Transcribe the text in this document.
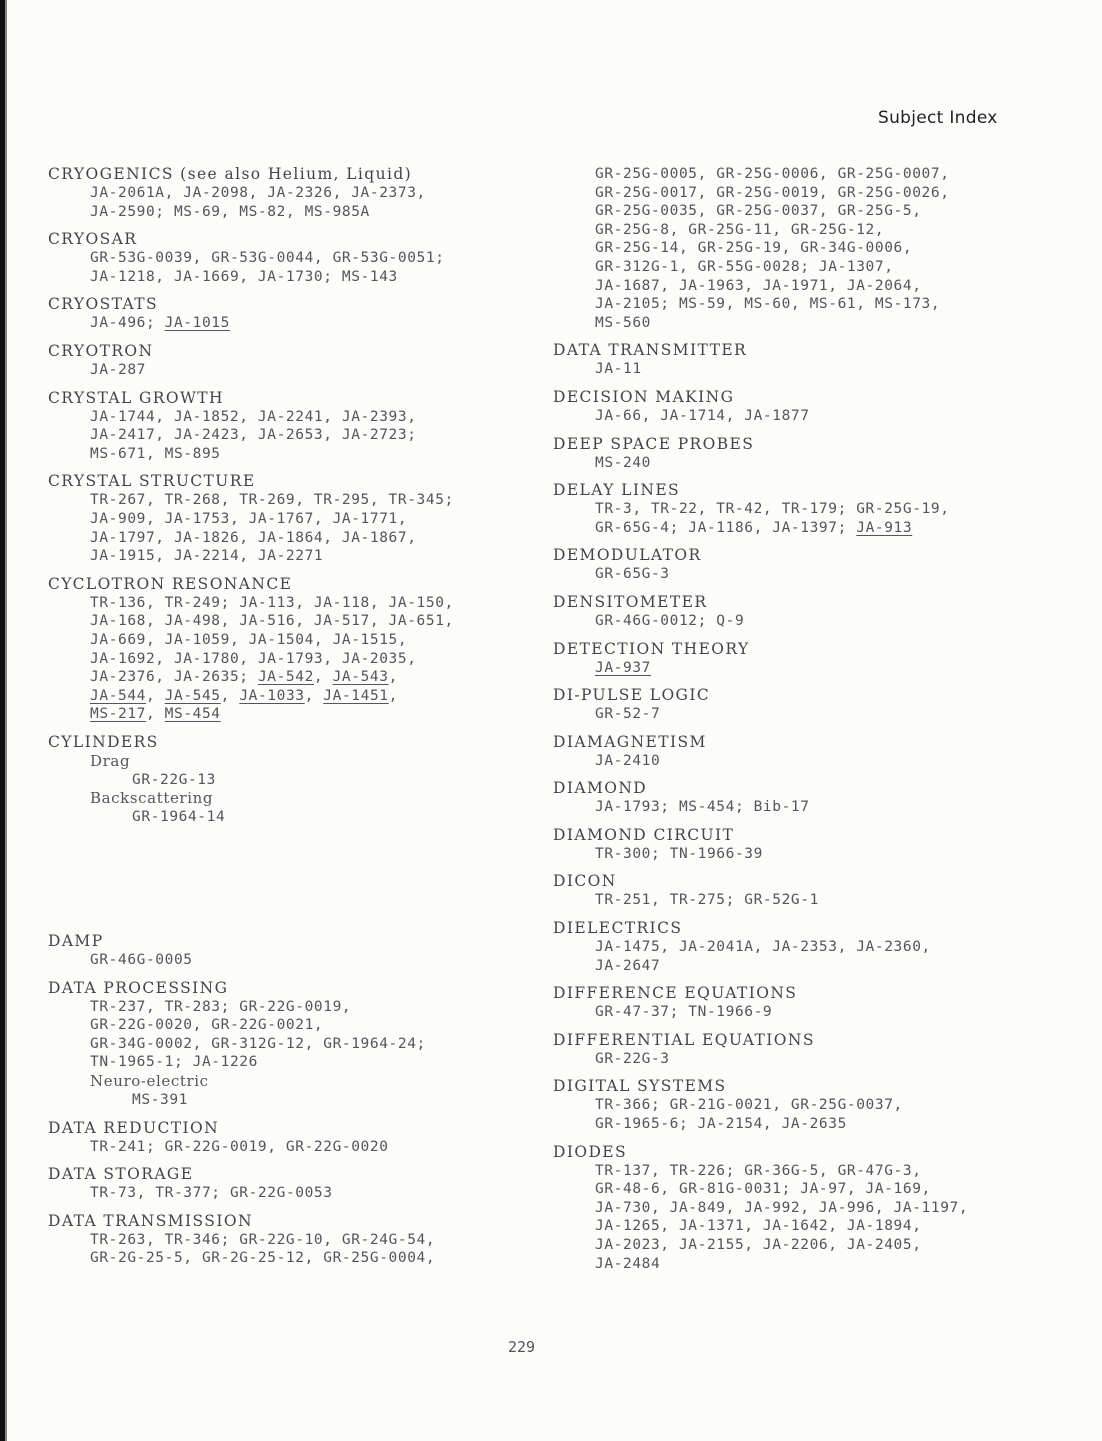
Subject Index
CRYOGENICS (see also Helium, Liquid)
JA-2061A, JA-2098, JA-2326, JA-2373,
JA-2590; MS-69, MS-82, MS-985A
CRYOSAR
GR-53G-0039, GR-53G-0044, GR-53G-0051;
JA-1218, JA-1669, JA-1730; MS-143
CRYOSTATS
JA-496; JA-1015
CRYOTRON
JA-287
CRYSTAL GROWTH
JA-1744, JA-1852, JA-2241, JA-2393,
JA-2417, JA-2423, JA-2653, JA-2723;
MS-671, MS-895
CRYSTAL STRUCTURE
TR-267, TR-268, TR-269, TR-295, TR-345;
JA-909, JA-1753, JA-1767, JA-1771,
JA-1797, JA-1826, JA-1864, JA-1867,
JA-1915, JA-2214, JA-2271
CYCLOTRON RESONANCE
TR-136, TR-249; JA-113, JA-118, JA-150,
JA-168, JA-498, JA-516, JA-517, JA-651,
JA-669, JA-1059, JA-1504, JA-1515,
JA-1692, JA-1780, JA-1793, JA-2035,
JA-2376, JA-2635; JA-542, JA-543,
JA-544, JA-545, JA-1033, JA-1451,
MS-217, MS-454
CYLINDERS
Drag
GR-22G-13
Backscattering
GR-1964-14
DAMP
GR-46G-0005
DATA PROCESSING
TR-237, TR-283; GR-22G-0019,
GR-22G-0020, GR-22G-0021,
GR-34G-0002, GR-312G-12, GR-1964-24;
TN-1965-1; JA-1226
Neuro-electric
MS-391
DATA REDUCTION
TR-241; GR-22G-0019, GR-22G-0020
DATA STORAGE
TR-73, TR-377; GR-22G-0053
DATA TRANSMISSION
TR-263, TR-346; GR-22G-10, GR-24G-54,
GR-2G-25-5, GR-2G-25-12, GR-25G-0004,
GR-25G-0005, GR-25G-0006, GR-25G-0007,
GR-25G-0017, GR-25G-0019, GR-25G-0026,
GR-25G-0035, GR-25G-0037, GR-25G-5,
GR-25G-8, GR-25G-11, GR-25G-12,
GR-25G-14, GR-25G-19, GR-34G-0006,
GR-312G-1, GR-55G-0028; JA-1307,
JA-1687, JA-1963, JA-1971, JA-2064,
JA-2105; MS-59, MS-60, MS-61, MS-173,
MS-560
DATA TRANSMITTER
JA-11
DECISION MAKING
JA-66, JA-1714, JA-1877
DEEP SPACE PROBES
MS-240
DELAY LINES
TR-3, TR-22, TR-42, TR-179; GR-25G-19,
GR-65G-4; JA-1186, JA-1397; JA-913
DEMODULATOR
GR-65G-3
DENSITOMETER
GR-46G-0012; Q-9
DETECTION THEORY
JA-937
DI-PULSE LOGIC
GR-52-7
DIAMAGNETISM
JA-2410
DIAMOND
JA-1793; MS-454; Bib-17
DIAMOND CIRCUIT
TR-300; TN-1966-39
DICON
TR-251, TR-275; GR-52G-1
DIELECTRICS
JA-1475, JA-2041A, JA-2353, JA-2360,
JA-2647
DIFFERENCE EQUATIONS
GR-47-37; TN-1966-9
DIFFERENTIAL EQUATIONS
GR-22G-3
DIGITAL SYSTEMS
TR-366; GR-21G-0021, GR-25G-0037,
GR-1965-6; JA-2154, JA-2635
DIODES
TR-137, TR-226; GR-36G-5, GR-47G-3,
GR-48-6, GR-81G-0031; JA-97, JA-169,
JA-730, JA-849, JA-992, JA-996, JA-1197,
JA-1265, JA-1371, JA-1642, JA-1894,
JA-2023, JA-2155, JA-2206, JA-2405,
JA-2484
229
